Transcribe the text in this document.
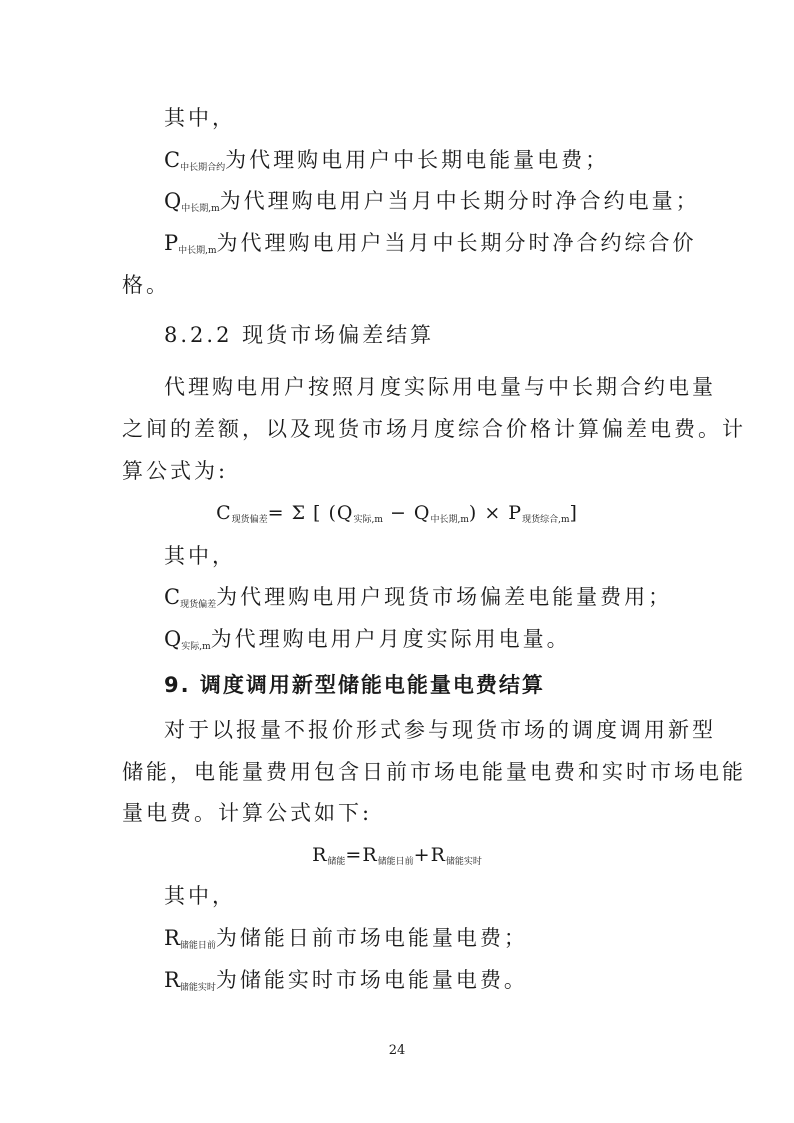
其中，
$C_{中长期合约}$为代理购电用户中长期电能量电费；
$Q_{中长期,m}$为代理购电用户当月中长期分时净合约电量；
$P_{中长期,m}$为代理购电用户当月中长期分时净合约综合价
格。
8.2.2 现货市场偏差结算
代理购电用户按照月度实际用电量与中长期合约电量
之间的差额，以及现货市场月度综合价格计算偏差电费。计
算公式为:
$C_{现货偏差}= \Sigma$ [ $(Q_{实际,m} - Q_{中长期,m}) \times P_{现货综合,m}$]
其中，
$C_{现货偏差}$为代理购电用户现货市场偏差电能量费用；
$Q_{实际,m}$为代理购电用户月度实际用电量。
9. 调度调用新型储能电能量电费结算
对于以报量不报价形式参与现货市场的调度调用新型
储能，电能量费用包含日前市场电能量电费和实时市场电能
量电费。计算公式如下:
$R_{储能}=R_{储能日前}+R_{储能实时}$
其中，
$R_{储能日前}$为储能日前市场电能量电费；
$R_{储能实时}$为储能实时市场电能量电费。
24
